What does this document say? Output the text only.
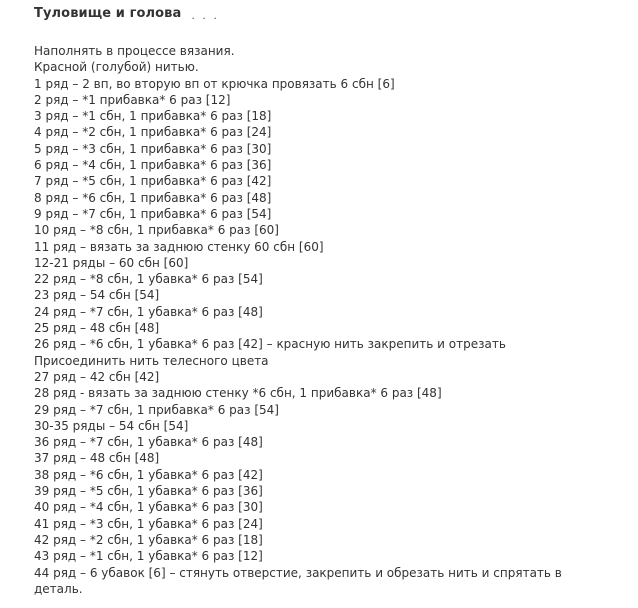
Туловище и голова . . .
Наполнять в процессе вязания.
Красной (голубой) нитью.
1 ряд – 2 вп, во вторую вп от крючка провязать 6 сбн [6]
2 ряд – *1 прибавка* 6 раз [12]
3 ряд – *1 сбн, 1 прибавка* 6 раз [18]
4 ряд – *2 сбн, 1 прибавка* 6 раз [24]
5 ряд – *3 сбн, 1 прибавка* 6 раз [30]
6 ряд – *4 сбн, 1 прибавка* 6 раз [36]
7 ряд – *5 сбн, 1 прибавка* 6 раз [42]
8 ряд – *6 сбн, 1 прибавка* 6 раз [48]
9 ряд – *7 сбн, 1 прибавка* 6 раз [54]
10 ряд – *8 сбн, 1 прибавка* 6 раз [60]
11 ряд – вязать за заднюю стенку 60 сбн [60]
12-21 ряды – 60 сбн [60]
22 ряд – *8 сбн, 1 убавка* 6 раз [54]
23 ряд – 54 сбн [54]
24 ряд – *7 сбн, 1 убавка* 6 раз [48]
25 ряд – 48 сбн [48]
26 ряд – *6 сбн, 1 убавка* 6 раз [42] – красную нить закрепить и отрезать
Присоединить нить телесного цвета
27 ряд – 42 сбн [42]
28 ряд - вязать за заднюю стенку *6 сбн, 1 прибавка* 6 раз [48]
29 ряд – *7 сбн, 1 прибавка* 6 раз [54]
30-35 ряды – 54 сбн [54]
36 ряд – *7 сбн, 1 убавка* 6 раз [48]
37 ряд – 48 сбн [48]
38 ряд – *6 сбн, 1 убавка* 6 раз [42]
39 ряд – *5 сбн, 1 убавка* 6 раз [36]
40 ряд – *4 сбн, 1 убавка* 6 раз [30]
41 ряд – *3 сбн, 1 убавка* 6 раз [24]
42 ряд – *2 сбн, 1 убавка* 6 раз [18]
43 ряд – *1 сбн, 1 убавка* 6 раз [12]
44 ряд – 6 убавок [6] – стянуть отверстие, закрепить и обрезать нить и спрятать в
деталь.
